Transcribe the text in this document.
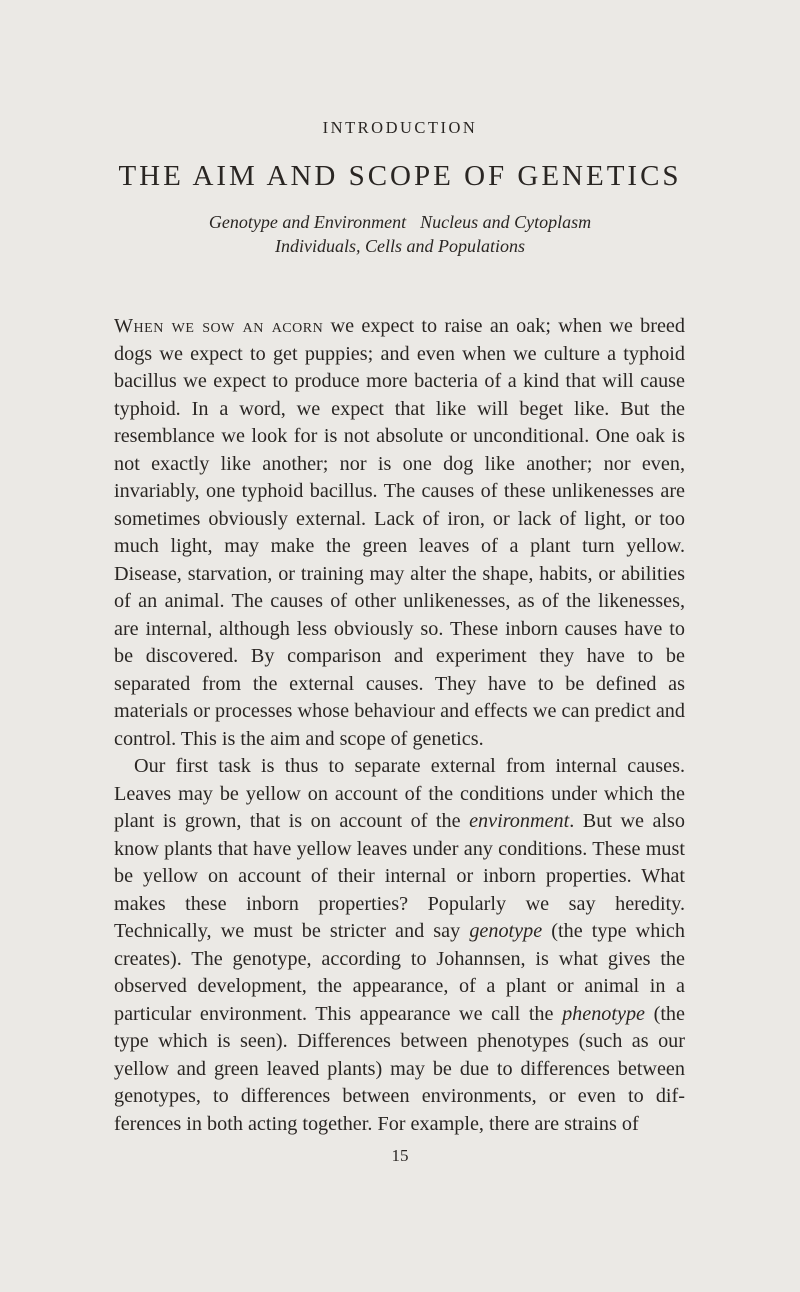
INTRODUCTION
THE AIM AND SCOPE OF GENETICS
Genotype and Environment Nucleus and Cytoplasm
Individuals, Cells and Populations

When we sow an acorn we expect to raise an oak; when we breed dogs we expect to get puppies; and even when we culture a typhoid bacillus we expect to produce more bacteria of a kind that will cause typhoid. In a word, we expect that like will beget like. But the resemblance we look for is not absolute or unconditional. One oak is not exactly like another; nor is one dog like another; nor even, invariably, one typhoid bacillus. The causes of these unlikenesses are sometimes obviously external. Lack of iron, or lack of light, or too much light, may make the green leaves of a plant turn yellow. Disease, starvation, or training may alter the shape, habits, or abilities of an animal. The causes of other unlikenesses, as of the likenesses, are internal, although less obviously so. These inborn causes have to be discovered. By comparison and experiment they have to be separated from the external causes. They have to be defined as materials or processes whose behaviour and effects we can predict and control. This is the aim and scope of genetics.

Our first task is thus to separate external from internal causes. Leaves may be yellow on account of the conditions under which the plant is grown, that is on account of the environment. But we also know plants that have yellow leaves under any conditions. These must be yellow on account of their internal or inborn properties. What makes these inborn properties? Popularly we say heredity. Technically, we must be stricter and say genotype (the type which creates). The genotype, according to Johannsen, is what gives the observed development, the appearance, of a plant or animal in a particular environment. This appearance we call the phenotype (the type which is seen). Differences between phenotypes (such as our yellow and green leaved plants) may be due to differences between genotypes, to differences between environments, or even to differences in both acting together. For example, there are strains of

15
